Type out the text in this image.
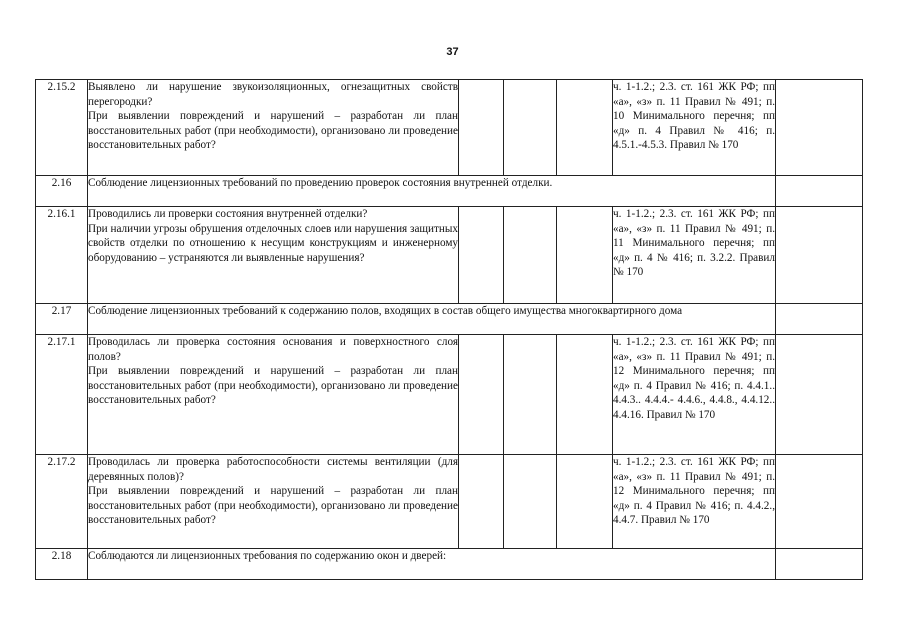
37
2.15.2	Выявлено ли нарушение звукоизоляционных, огнезащитных свойств перегородки?
При выявлении повреждений и нарушений – разработан ли план восстановительных работ (при необходимости), организовано ли проведение восстановительных работ?				ч. 1-1.2.; 2.3. ст. 161 ЖК РФ; пп «а», «з» п. 11 Правил № 491; п. 10 Минимального перечня; пп «д» п. 4 Правил № 416; п. 4.5.1.-4.5.3. Правил № 170	
2.16	Соблюдение лицензионных требований по проведению проверок состояния внутренней отделки.					
2.16.1	Проводились ли проверки состояния внутренней отделки?
При наличии угрозы обрушения отделочных слоев или нарушения защитных свойств отделки по отношению к несущим конструкциям и инженерному оборудованию – устраняются ли выявленные нарушения?				ч. 1-1.2.; 2.3. ст. 161 ЖК РФ; пп «а», «з» п. 11 Правил № 491; п. 11 Минимального перечня; пп «д» п. 4 № 416; п. 3.2.2. Правил № 170	
2.17	Соблюдение лицензионных требований к содержанию полов, входящих в состав общего имущества многоквартирного дома					
2.17.1	Проводилась ли проверка состояния основания и поверхностного слоя полов?
При выявлении повреждений и нарушений – разработан ли план восстановительных работ (при необходимости), организовано ли проведение восстановительных работ?				ч. 1-1.2.; 2.3. ст. 161 ЖК РФ; пп «а», «з» п. 11 Правил № 491; п. 12 Минимального перечня; пп «д» п. 4 Правил № 416; п. 4.4.1.. 4.4.3.. 4.4.4.- 4.4.6., 4.4.8., 4.4.12.. 4.4.16. Правил № 170	
2.17.2	Проводилась ли проверка работоспособности системы вентиляции (для деревянных полов)?
При выявлении повреждений и нарушений – разработан ли план восстановительных работ (при необходимости), организовано ли проведение восстановительных работ?				ч. 1-1.2.; 2.3. ст. 161 ЖК РФ; пп «а», «з» п. 11 Правил № 491; п. 12 Минимального перечня; пп «д» п. 4 Правил № 416; п. 4.4.2., 4.4.7. Правил № 170	
2.18	Соблюдаются ли лицензионных требования по содержанию окон и дверей:					
